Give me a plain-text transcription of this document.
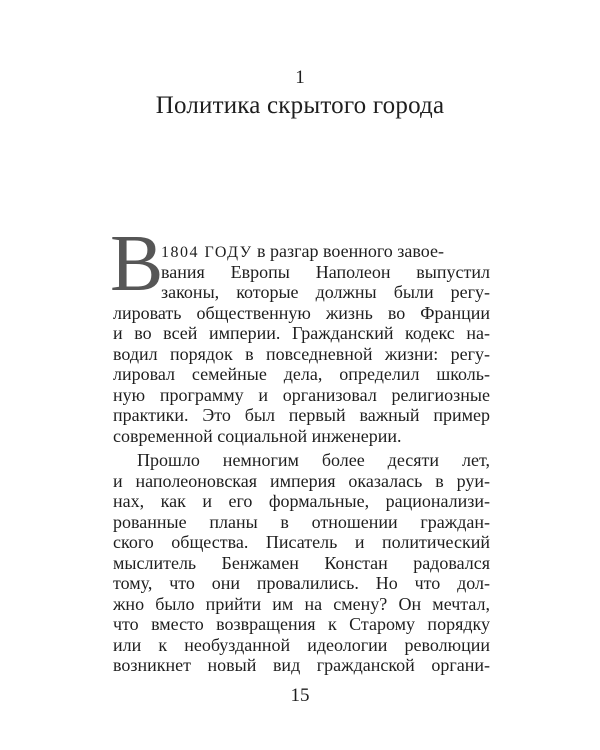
1
Политика скрытого города
В
1804 ГОДУ в разгар военного завое-
вания Европы Наполеон выпустил
законы, которые должны были регу-
лировать общественную жизнь во Франции
и во всей империи. Гражданский кодекс на-
водил порядок в повседневной жизни: регу-
лировал семейные дела, определил школь-
ную программу и организовал религиозные
практики. Это был первый важный пример
современной социальной инженерии.
Прошло немногим более десяти лет,
и наполеоновская империя оказалась в руи-
нах, как и его формальные, рационализи-
рованные планы в отношении граждан-
ского общества. Писатель и политический
мыслитель Бенжамен Констан радовался
тому, что они провалились. Но что дол-
жно было прийти им на смену? Он мечтал,
что вместо возвращения к Старому порядку
или к необузданной идеологии революции
возникнет новый вид гражданской органи-
15
